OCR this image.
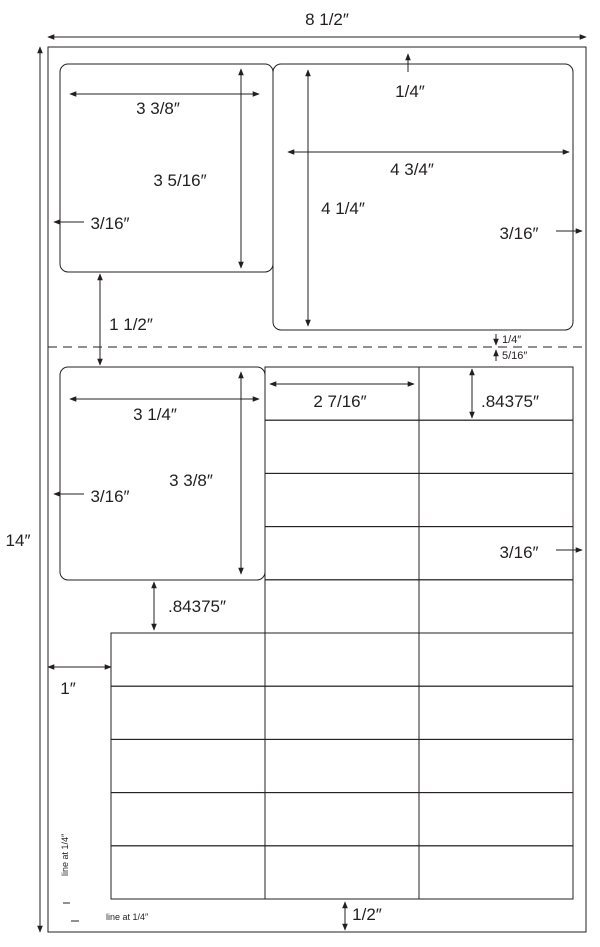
8 1/2″
14″
3 3/8″
3 5/16″
3/16″
1/4″
4 3/4″
4 1/4″
3/16″
1 1/2″
1/4″
5/16″
3 1/4″
3 3/8″
3/16″
.84375″
2 7/16″	.84375″
3/16″
1″
1/2″
line at 1/4″
line at 1/4″
